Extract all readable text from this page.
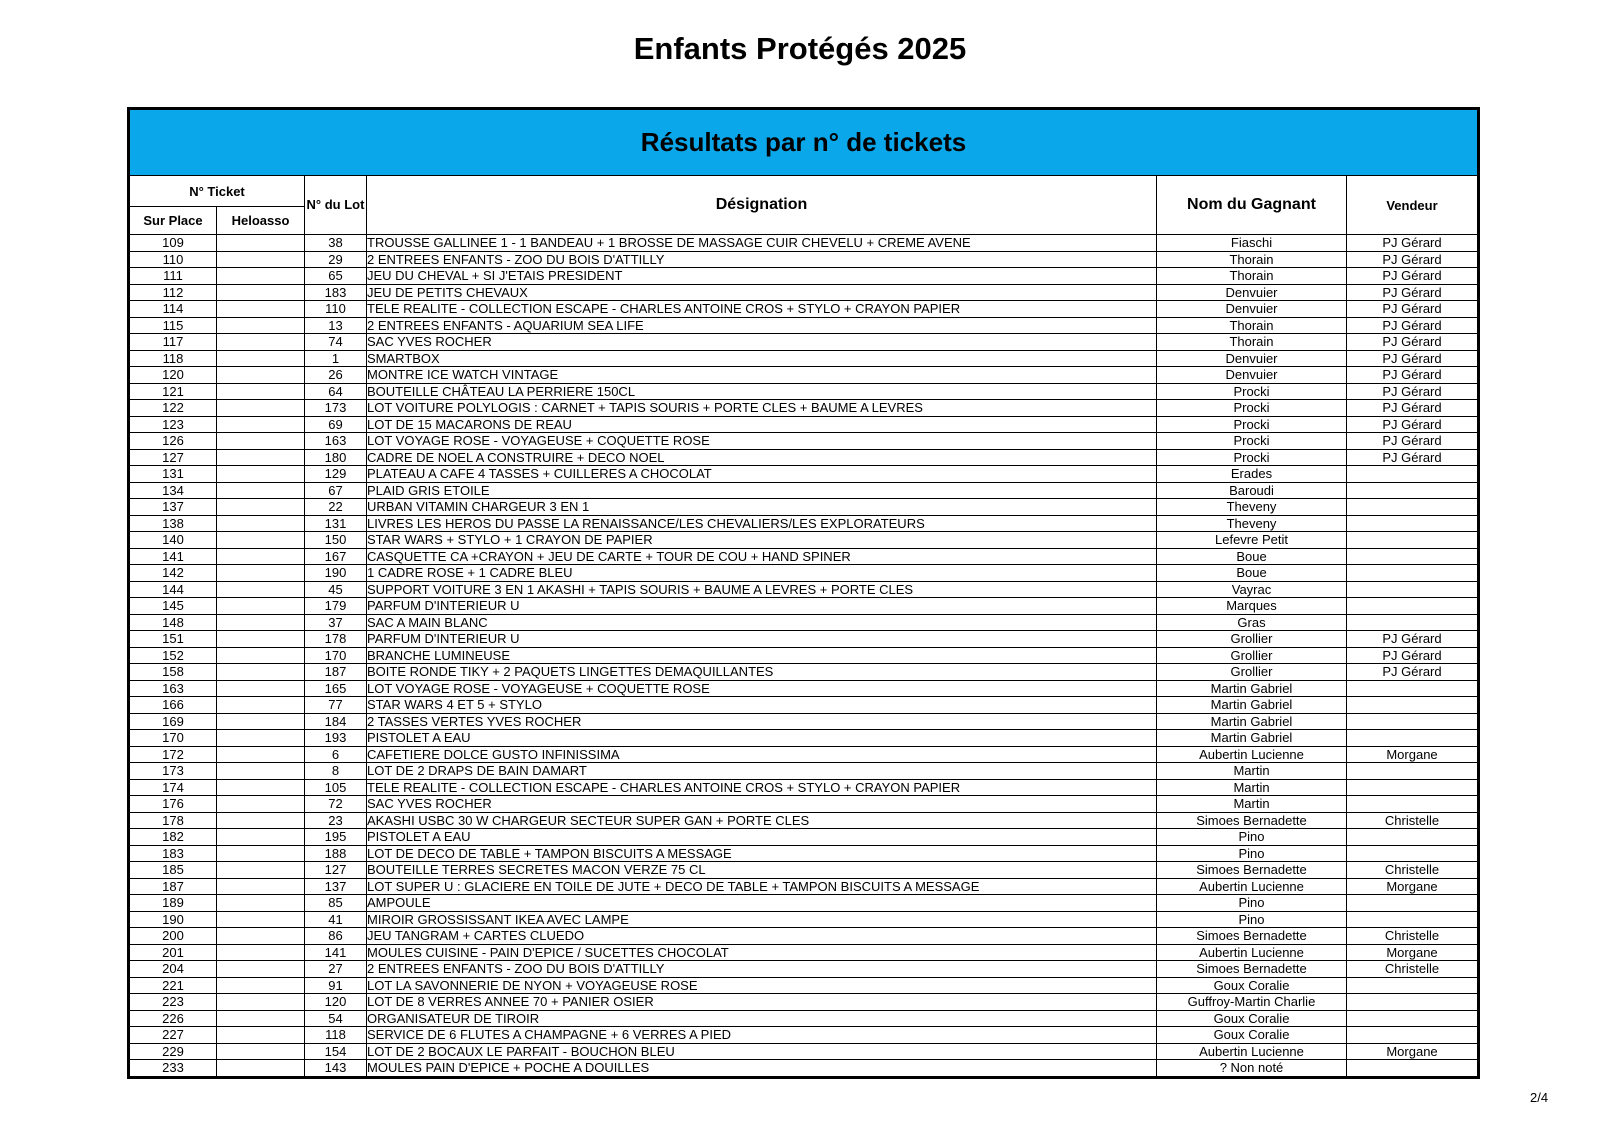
Enfants Protégés 2025
Résultats par n° de tickets					
N° Ticket		N° du Lot	Désignation	Nom du Gagnant	Vendeur
Sur Place	Heloasso				
109		38	TROUSSE GALLINEE 1 - 1 BANDEAU + 1 BROSSE DE MASSAGE CUIR CHEVELU + CREME AVENE	Fiaschi	PJ Gérard
110		29	2 ENTREES ENFANTS - ZOO DU BOIS D'ATTILLY	Thorain	PJ Gérard
111		65	JEU DU CHEVAL + SI J'ETAIS PRESIDENT	Thorain	PJ Gérard
112		183	JEU DE PETITS CHEVAUX	Denvuier	PJ Gérard
114		110	TELE REALITE - COLLECTION ESCAPE - CHARLES ANTOINE CROS + STYLO + CRAYON PAPIER	Denvuier	PJ Gérard
115		13	2 ENTREES ENFANTS - AQUARIUM SEA LIFE	Thorain	PJ Gérard
117		74	SAC YVES ROCHER	Thorain	PJ Gérard
118		1	SMARTBOX	Denvuier	PJ Gérard
120		26	MONTRE ICE WATCH VINTAGE	Denvuier	PJ Gérard
121		64	BOUTEILLE CHÂTEAU LA PERRIERE 150CL	Procki	PJ Gérard
122		173	LOT VOITURE POLYLOGIS : CARNET + TAPIS SOURIS + PORTE CLES + BAUME A LEVRES	Procki	PJ Gérard
123		69	LOT DE 15 MACARONS DE REAU	Procki	PJ Gérard
126		163	LOT VOYAGE ROSE - VOYAGEUSE + COQUETTE ROSE	Procki	PJ Gérard
127		180	CADRE DE NOEL A CONSTRUIRE + DECO NOEL	Procki	PJ Gérard
131		129	PLATEAU A CAFE 4 TASSES + CUILLERES A CHOCOLAT	Erades	
134		67	PLAID GRIS ETOILE	Baroudi	
137		22	URBAN VITAMIN CHARGEUR 3 EN 1	Theveny	
138		131	LIVRES LES HEROS DU PASSE LA RENAISSANCE/LES CHEVALIERS/LES EXPLORATEURS	Theveny	
140		150	STAR WARS + STYLO + 1 CRAYON DE PAPIER	Lefevre Petit	
141		167	CASQUETTE CA +CRAYON + JEU DE CARTE + TOUR DE COU + HAND SPINER	Boue	
142		190	1 CADRE ROSE + 1 CADRE BLEU	Boue	
144		45	SUPPORT VOITURE 3 EN 1 AKASHI + TAPIS SOURIS + BAUME A LEVRES + PORTE CLES	Vayrac	
145		179	PARFUM D'INTERIEUR U	Marques	
148		37	SAC A MAIN BLANC	Gras	
151		178	PARFUM D'INTERIEUR U	Grollier	PJ Gérard
152		170	BRANCHE LUMINEUSE	Grollier	PJ Gérard
158		187	BOITE RONDE TIKY + 2 PAQUETS LINGETTES DEMAQUILLANTES	Grollier	PJ Gérard
163		165	LOT VOYAGE ROSE - VOYAGEUSE + COQUETTE ROSE	Martin Gabriel	
166		77	STAR WARS 4 ET 5 + STYLO	Martin Gabriel	
169		184	2 TASSES VERTES YVES ROCHER	Martin Gabriel	
170		193	PISTOLET A EAU	Martin Gabriel	
172		6	CAFETIERE DOLCE GUSTO INFINISSIMA	Aubertin Lucienne	Morgane
173		8	LOT DE 2 DRAPS DE BAIN DAMART	Martin	
174		105	TELE REALITE - COLLECTION ESCAPE - CHARLES ANTOINE CROS + STYLO + CRAYON PAPIER	Martin	
176		72	SAC YVES ROCHER	Martin	
178		23	AKASHI USBC 30 W CHARGEUR SECTEUR SUPER GAN + PORTE CLES	Simoes Bernadette	Christelle
182		195	PISTOLET A EAU	Pino	
183		188	LOT DE DECO DE TABLE + TAMPON BISCUITS A MESSAGE	Pino	
185		127	BOUTEILLE TERRES SECRETES MACON VERZE 75 CL	Simoes Bernadette	Christelle
187		137	LOT SUPER U : GLACIERE EN TOILE DE JUTE + DECO DE TABLE + TAMPON BISCUITS A MESSAGE	Aubertin Lucienne	Morgane
189		85	AMPOULE	Pino	
190		41	MIROIR GROSSISSANT IKEA AVEC LAMPE	Pino	
200		86	JEU TANGRAM + CARTES CLUEDO	Simoes Bernadette	Christelle
201		141	MOULES CUISINE - PAIN D'EPICE / SUCETTES CHOCOLAT	Aubertin Lucienne	Morgane
204		27	2 ENTREES ENFANTS - ZOO DU BOIS D'ATTILLY	Simoes Bernadette	Christelle
221		91	LOT LA SAVONNERIE DE NYON + VOYAGEUSE ROSE	Goux Coralie	
223		120	LOT DE 8 VERRES ANNEE 70 + PANIER OSIER	Guffroy-Martin Charlie	
226		54	ORGANISATEUR DE TIROIR	Goux Coralie	
227		118	SERVICE DE 6 FLUTES A CHAMPAGNE + 6 VERRES A PIED	Goux Coralie	
229		154	LOT DE 2 BOCAUX LE PARFAIT - BOUCHON BLEU	Aubertin Lucienne	Morgane
233		143	MOULES PAIN D'EPICE + POCHE A DOUILLES	? Non noté	
2/4
